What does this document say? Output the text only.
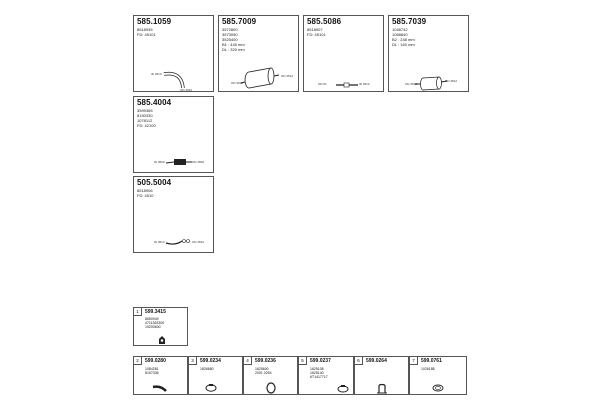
585.1059
8518935
FD: 45101
ID 4510
OD 4510
585.7009
3572800
3573050
3525400
B1 : 445 mm
DL : 320 mm
OD 4512
OD 4512
585.5086
8518907
FD: 45101
OD 51	ID 4512
585.7039
1048742
1068840
B2 : 248 mm
DL : 160 mm
OD 4512
OD 4512
585.4004
3599365
8150330
1078112
FD: 42100
ID 4500	OD 4500
505.5004
8518906
FD: 4510
ID 4513	OD 4510
1	599.3415
8650949
4711363300
19200630
2	599.0280
1084281
8157336
3	599.0234
1826680
4	599.0236
1625600
2001 0254
5	599.0237
1625108
1625140
6T1417717
6	599.0264	7	599.0761
1026188
